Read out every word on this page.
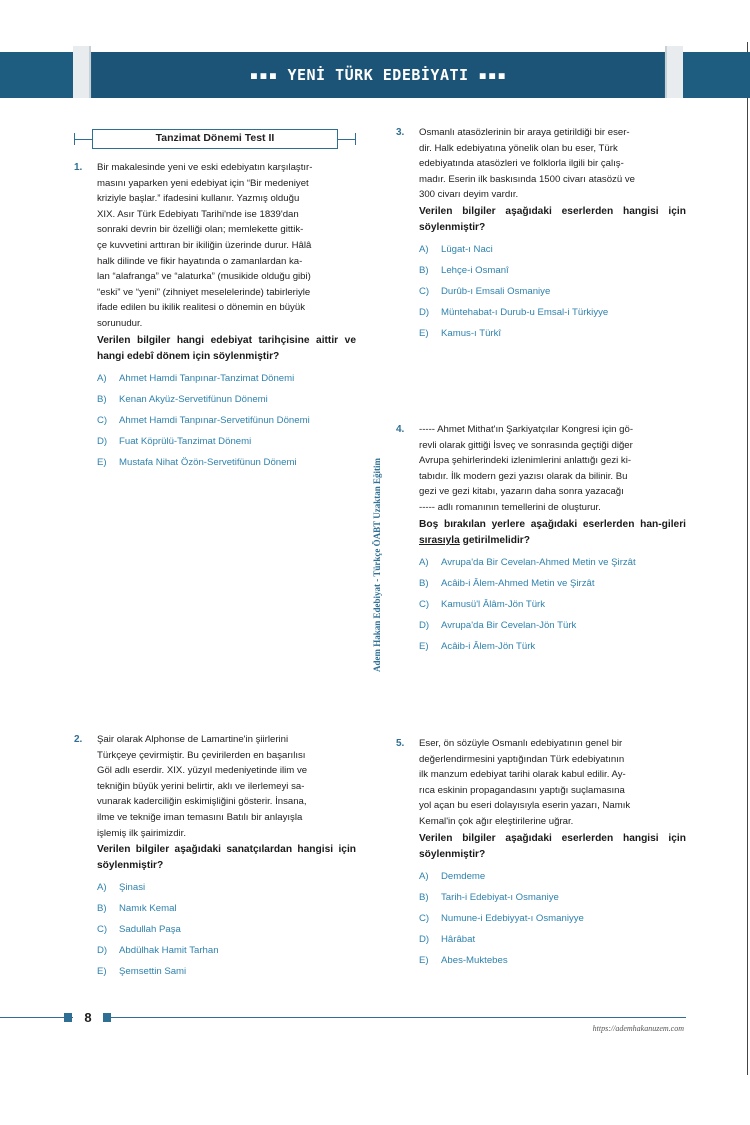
▪▪▪ YENİ TÜRK EDEBİYATI ▪▪▪
Tanzimat Dönemi Test II
1. Bir makalesinde yeni ve eski edebiyatın karşılaştır-
masını yaparken yeni edebiyat için “Bir medeniyet
kriziyle başlar.” ifadesini kullanır. Yazmış olduğu
XIX. Asır Türk Edebiyatı Tarihi'nde ise 1839'dan
sonraki devrin bir özelliği olan; memlekette gittik-
çe kuvvetini arttıran bir ikiliğin üzerinde durur. Hâlâ
halk dilinde ve fikir hayatında o zamanlardan ka-
lan “alafranga” ve “alaturka” (musikide olduğu gibi)
“eski” ve “yeni” (zihniyet meselelerinde) tabirleriyle
ifade edilen bu ikilik realitesi o dönemin en büyük
sorunudur.
Verilen bilgiler hangi edebiyat tarihçisine aittir ve hangi edebî dönem için söylenmiştir?
A)	Ahmet Hamdi Tanpınar-Tanzimat Dönemi
B)	Kenan Akyüz-Servetifünun Dönemi
C)	Ahmet Hamdi Tanpınar-Servetifünun Dönemi
D)	Fuat Köprülü-Tanzimat Dönemi
E)	Mustafa Nihat Özön-Servetifünun Dönemi
2. Şair olarak Alphonse de Lamartine'in şiirlerini
Türkçeye çevirmiştir. Bu çevirilerden en başarılısı
Göl adlı eserdir. XIX. yüzyıl medeniyetinde ilim ve
tekniğin büyük yerini belirtir, aklı ve ilerlemeyi sa-
vunarak kaderciliğin eskimişliğini gösterir. İnsana,
ilme ve tekniğe iman temasını Batılı bir anlayışla
işlemiş ilk şairimizdir.
Verilen bilgiler aşağıdaki sanatçılardan hangisi için söylenmiştir?
A)	Şinasi
B)	Namık Kemal
C)	Sadullah Paşa
D)	Abdülhak Hamit Tarhan
E)	Şemsettin Sami
Adem Hakan Edebiyat - Türkçe ÖABT Uzaktan Eğitim
3. Osmanlı atasözlerinin bir araya getirildiği bir eser-
dir. Halk edebiyatına yönelik olan bu eser, Türk
edebiyatında atasözleri ve folklorla ilgili bir çalış-
madır. Eserin ilk baskısında 1500 civarı atasözü ve
300 civarı deyim vardır.
Verilen bilgiler aşağıdaki eserlerden hangisi için söylenmiştir?
A)	Lügat-ı Naci
B)	Lehçe-i Osmanî
C)	Durûb-ı Emsali Osmaniye
D)	Müntehabat-ı Durub-u Emsal-i Türkiyye
E)	Kamus-ı Türkî
4. ----- Ahmet Mithat'ın Şarkiyatçılar Kongresi için gö-
revli olarak gittiği İsveç ve sonrasında geçtiği diğer
Avrupa şehirlerindeki izlenimlerini anlattığı gezi ki-
tabıdır. İlk modern gezi yazısı olarak da bilinir. Bu
gezi ve gezi kitabı, yazarın daha sonra yazacağı
----- adlı romanının temellerini de oluşturur.
Boş bırakılan yerlere aşağıdaki eserlerden han-gileri sırasıyla getirilmelidir?
A)	Avrupa'da Bir Cevelan-Ahmed Metin ve Şirzât
B)	Acâib-i Âlem-Ahmed Metin ve Şirzât
C)	Kamusü'l Âlâm-Jön Türk
D)	Avrupa'da Bir Cevelan-Jön Türk
E)	Acâib-i Âlem-Jön Türk
5. Eser, ön sözüyle Osmanlı edebiyatının genel bir
değerlendirmesini yaptığından Türk edebiyatının
ilk manzum edebiyat tarihi olarak kabul edilir. Ay-
rıca eskinin propagandasını yaptığı suçlamasına
yol açan bu eseri dolayısıyla eserin yazarı, Namık
Kemal'in çok ağır eleştirilerine uğrar.
Verilen bilgiler aşağıdaki eserlerden hangisi için söylenmiştir?
A)	Demdeme
B)	Tarih-i Edebiyat-ı Osmaniye
C)	Numune-i Edebiyyat-ı Osmaniyye
D)	Hârâbat
E)	Abes-Muktebes
8
https://ademhakanuzem.com
